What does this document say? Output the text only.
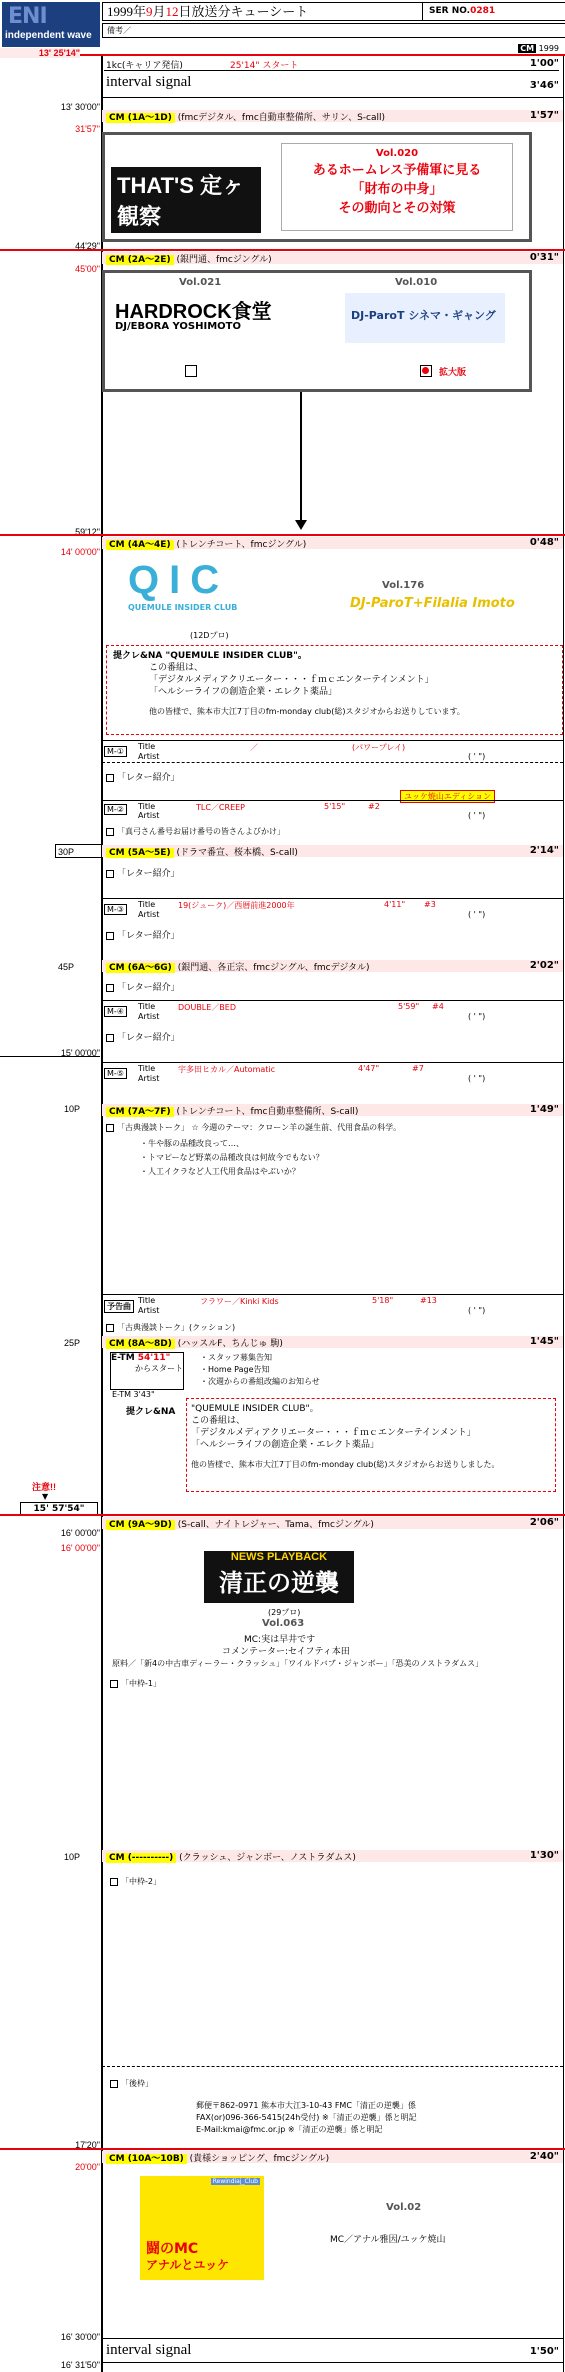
ENI
independent wave
1999年9月12日放送分キューシート	SER NO.0281
備考／
CM 1999
13' 25'14"
1kc(キャリア発信)	25'14" スタート	1'00"
interval signal	3'46"
13' 30'00"
CM (1A～1D) (fmcデジタル、fmc自動車整備所、サリン、S-call)	1'57"
31'57"
THAT'S 定ヶ観察
Vol.020
あるホームレス予備軍に見る
「財布の中身」
その動向とその対策
44'29"
CM (2A～2E) (銀門通、fmcジングル)	0'31"
45'00"
Vol.021
HARDROCK食堂
DJ/EBORA YOSHIMOTO
Vol.010
DJ-ParoT シネマ・ギャング
拡大版
59'12"
CM (4A～4E) (トレンチコート、fmcジングル)	0'48"
14' 00'00"
QIC
QUEMULE INSIDER CLUB
(12Dプロ)
Vol.176
DJ-ParoT+Filalia Imoto
提クレ&NA "QUEMULE INSIDER CLUB"。
この番組は、
「デジタルメディアクリエーター・・・ｆｍｃエンターテインメント」
「ヘルシーライフの創造企業・エレクト薬品」
他の皆様で、熊本市大江7丁目のfm-monday club(総)スタジオからお送りしています。
M-①
Title	／	(パワープレイ)
Artist	( ' ")
「レター紹介」
ユッケ焼山エディション
M-②	Title	TLC／CREEP	5'15"	#2
Artist	( ' ")
「真弓さん番号お届け番号の皆さんよびかけ」
30P	CM (5A～5E) (ドラマ番宣、桜本橋、S-call)	2'14"
「レター紹介」
M-③
Title	19(ジューク)／西暦前進2000年	4'11" #3
Artist	( ' ")
「レター紹介」
45P	CM (6A～6G) (銀門通、各正宗、fmcジングル、fmcデジタル)	2'02"
「レター紹介」
M-④
Title	DOUBLE／BED	5'59" #4
Artist	( ' ")
「レター紹介」
15' 00'00"
M-⑤
Title	宇多田ヒカル／Automatic	4'47"	#7
Artist	( ' ")
10P	CM (7A～7F) (トレンチコート、fmc自動車整備所、S-call)	1'49"
「古典漫談トーク」 ☆ 今週のテーマ：クローン羊の誕生前、代用食品の科学。
・牛や豚の品種改良って…、
・トマピーなど野菜の品種改良は何故今でもない？
・人工イクラなど人工代用食品はやぶいか？
予告曲
Title	フラワー／Kinki Kids	5'18"	#13
Artist	( ' ")
「古典漫談トーク」(クッション)
25P	CM (8A～8D) (ハッスルF、ちんじゅ 駒)	1'45"
E-TM 54'11"
からスタート
E-TM 3'43"
・スタッフ募集告知
・Home Page告知
・次週からの番組改編のお知らせ
提クレ&NA "QUEMULE INSIDER CLUB"。
この番組は、
「デジタルメディアクリエーター・・・ｆｍｃエンターテインメント」
「ヘルシーライフの創造企業・エレクト薬品」
他の皆様で、熊本市大江7丁目のfm-monday club(総)スタジオからお送りしました。
注意!!
▼
15' 57'54"
CM (9A～9D) (S-call、ナイトレジャー、Tama、fmcジングル)	2'06"
16' 00'00"
16' 00'00"
NEWS PLAYBACK
清正の逆襲
(29プロ)
Vol.063
MC:実は早井です
コメンテーター:セイフティ本田
原料／「新4の中古車ディーラー・クラッシュ」「ワイルドバブ・ジャンボー」「恐美のノストラダムス」
「中枠-1」
10P	CM (----------) (クラッシュ、ジャンボー、ノストラダムス)	1'30"
「中枠-2」
「後枠」
郵便〒862-0971 熊本市大江3-10-43 FMC「清正の逆襲」係
FAX(or)096-366-5415(24h受付) ※「清正の逆襲」係と明記
E-Mail:kmai@fmc.or.jp ※「清正の逆襲」係と明記
17'20"
CM (10A～10B) (貴様ショッピング、fmcジングル)	2'40"
20'00"
Rewindiaj_Club
闘のMC
アナルとユッケ
Vol.02
MC／アナル雅因/ユッケ焼山
16' 30'00"
interval signal	1'50"
16' 31'50"
